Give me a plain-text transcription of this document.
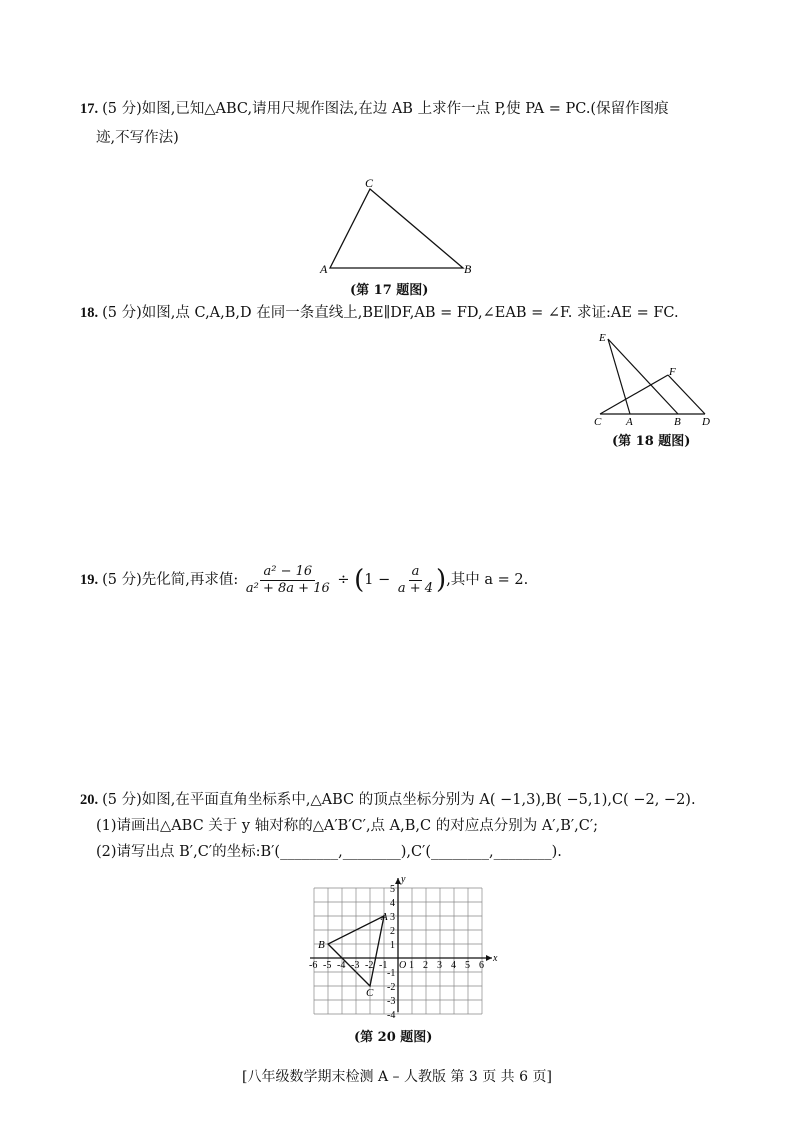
17. (5 分)如图,已知△ABC,请用尺规作图法,在边 AB 上求作一点 P,使 PA = PC.(保留作图痕
迹,不写作法)
C
A	B
(第 17 题图)
18. (5 分)如图,点 C,A,B,D 在同一条直线上,BE∥DF,AB = FD,∠EAB = ∠F. 求证:AE = FC.
E
F
C A	B D
(第 18 题图)
19. (5 分)先化简,再求值: $\frac{\text{a² − 16}}{\text{a² + 8a + 16}} \div (1 - \frac{a}{a + 4}$ ),其中 a = 2.
20. (5 分)如图,在平面直角坐标系中,△ABC 的顶点坐标分别为 A( −1,3),B( −5,1),C( −2, −2).
(1)请画出△ABC 关于 y 轴对称的△A′B′C′,点 A,B,C 的对应点分别为 A′,B′,C′;
(2)请写出点 B′,C′的坐标:B′(________,________),C′(________,________).
x
y
O
-6 -5 -4 -3 -2 -1 1 2 3 4 5 6
5
4
3
2
1
-1
-2
-3
-4
A
B
C
(第 20 题图)
[八年级数学期末检测 A – 人教版 第 3 页 共 6 页]
